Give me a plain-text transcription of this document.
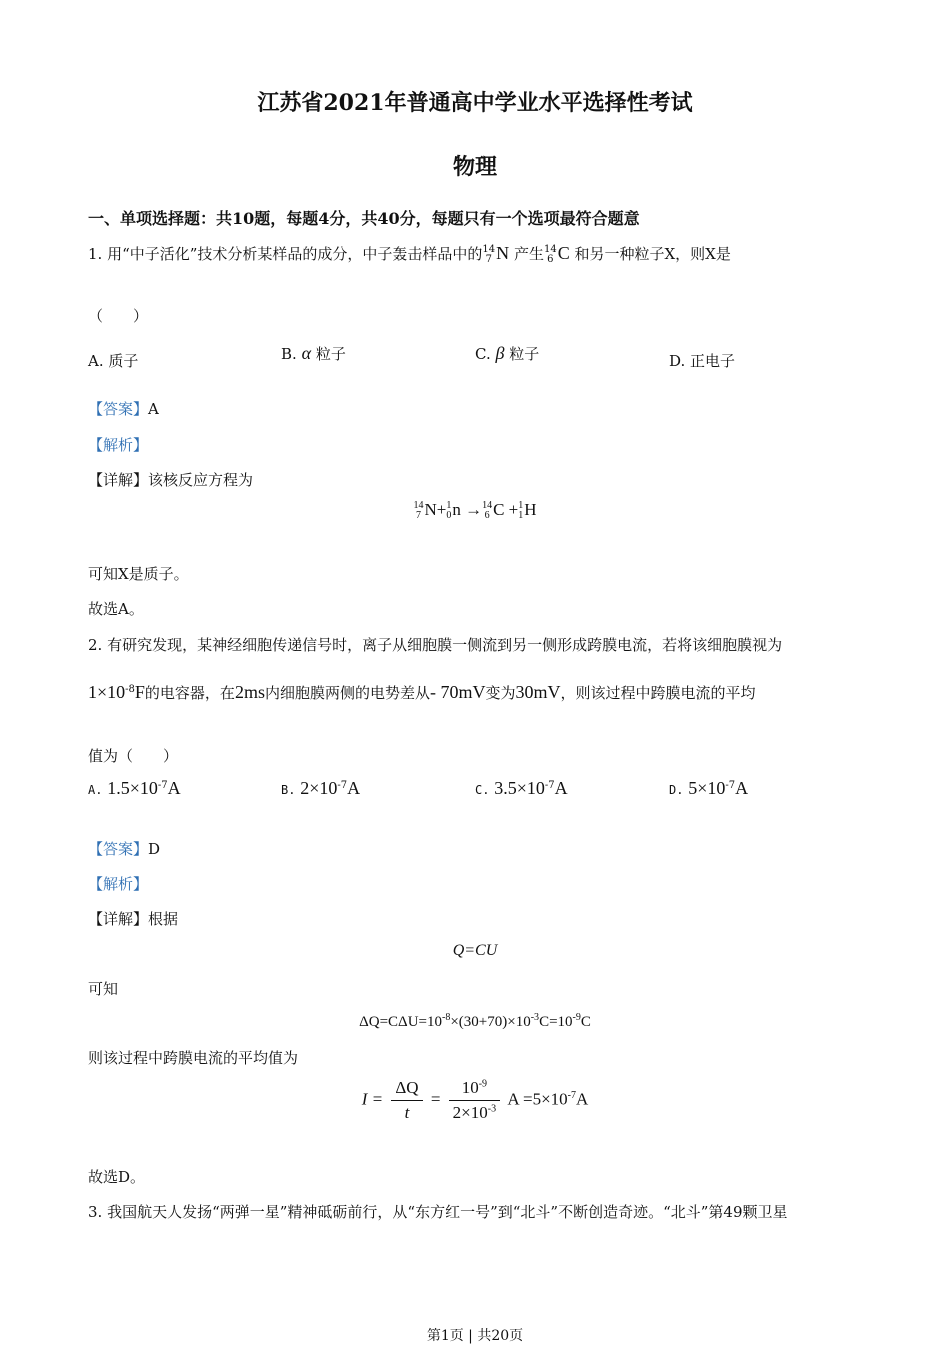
江苏省2021年普通高中学业水平选择性考试
物理
一、单项选择题：共10题，每题4分，共40分，每题只有一个选项最符合题意
1. 用“中子活化”技术分析某样品的成分，中子轰击样品中的14
7 N 产生14
6 C 和另一种粒子X，则X是
（　　）
A. 质子	B. α 粒子	C. β 粒子	D. 正电子
【答案】A
【解析】
【详解】该核反应方程为
14
7 N+1
0n →14
6 C +1
1H
可知X是质子。
故选A。
2. 有研究发现，某神经细胞传递信号时，离子从细胞膜一侧流到另一侧形成跨膜电流，若将该细胞膜视为
$1\times 10^{-8}F$的电容器，在2ms内细胞膜两侧的电势差从- 70mV变为30mV，则该过程中跨膜电流的平均
值为（　　）
A. $1.5\times 10^{-7}A$	B. $2\times 10^{-7}A$	C. $3.5\times 10^{-7}A$	D. $5\times 10^{-7}A$
【答案】D
【解析】
【详解】根据
Q=CU
可知
$\Delta Q=C\Delta U=10^{-8}\times(30+70)\times 10^{-3}C=10^{-9}C$
则该过程中跨膜电流的平均值为
$I = \frac{\Delta Q}{t} = \frac{10^{-9}}{2\times 10^{-3}}$ $A =5\times 10^{-7}A$
故选D。
3. 我国航天人发扬“两弹一星”精神砥砺前行，从“东方红一号”到“北斗”不断创造奇迹。“北斗”第49颗卫星
第1页 | 共20页
